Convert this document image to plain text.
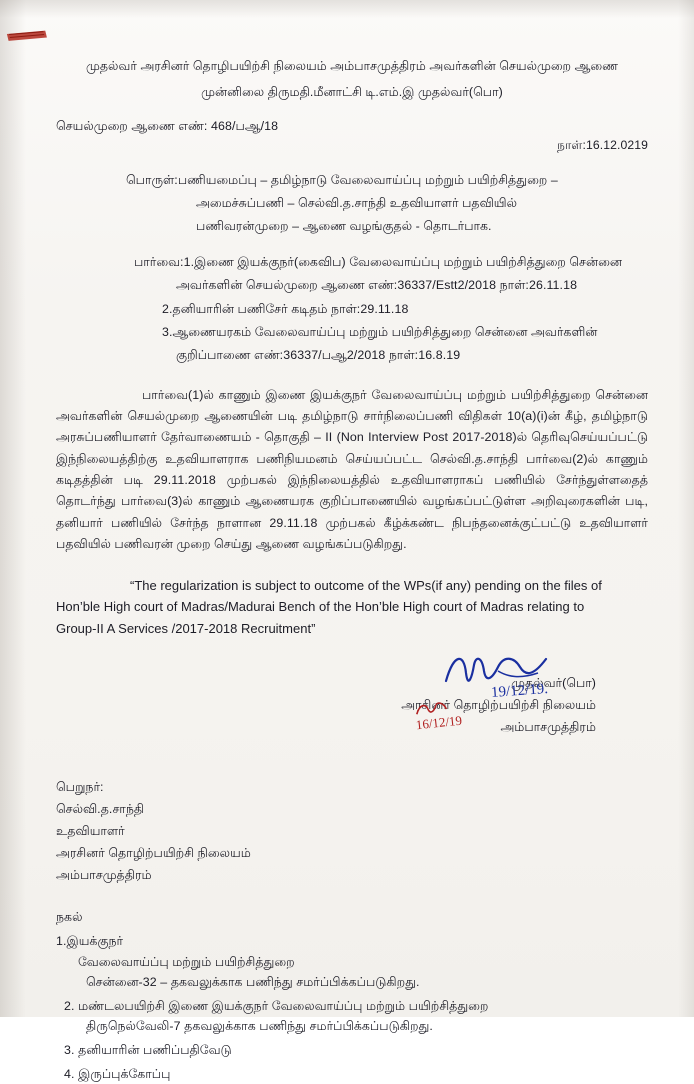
முதல்வர் அரசினர் தொழிபயிற்சி நிலையம் அம்பாசமுத்திரம் அவர்களின் செயல்முறை ஆணை
முன்னிலை திருமதி.மீனாட்சி டி.எம்.இ முதல்வர்(பொ)
செயல்முறை ஆணை எண்: 468/பஆ/18
நாள்:16.12.0219
பொருள்:பணியமைப்பு – தமிழ்நாடு வேலைவாய்ப்பு மற்றும் பயிற்சித்துறை –
அமைச்சுப்பணி – செல்வி.த.சாந்தி உதவியாளர் பதவியில்
பணிவரன்முறை – ஆணை வழங்குதல் - தொடர்பாக.
பார்வை:1.இணை இயக்குநர்(கைவிப) வேலைவாய்ப்பு மற்றும் பயிற்சித்துறை சென்னை
அவர்களின் செயல்முறை ஆணை எண்:36337/Estt2/2018 நாள்:26.11.18
2.தனியாரின் பணிசேர் கடிதம் நாள்:29.11.18
3.ஆணையரகம் வேலைவாய்ப்பு மற்றும் பயிற்சித்துறை சென்னை அவர்களின்
குறிப்பாணை எண்:36337/பஆ2/2018 நாள்:16.8.19
பார்வை(1)ல் காணும் இணை இயக்குநர் வேலைவாய்ப்பு மற்றும் பயிற்சித்துறை சென்னை அவர்களின் செயல்முறை ஆணையின் படி தமிழ்நாடு சார்நிலைப்பணி விதிகள் 10(a)(i)ன் கீழ், தமிழ்நாடு அரசுப்பணியாளர் தேர்வாணையம் - தொகுதி – II (Non Interview Post 2017-2018)ல் தெரிவுசெய்யப்பட்டு இந்நிலையத்திற்கு உதவியாளராக பணிநியமனம் செய்யப்பட்ட செல்வி.த.சாந்தி பார்வை(2)ல் காணும் கடிதத்தின் படி 29.11.2018 முற்பகல் இந்நிலையத்தில் உதவியாளராகப் பணியில் சேர்ந்துள்ளதைத் தொடர்ந்து பார்வை(3)ல் காணும் ஆணையரக குறிப்பாணையில் வழங்கப்பட்டுள்ள அறிவுரைகளின் படி, தனியார் பணியில் சேர்ந்த நாளான 29.11.18 முற்பகல் கீழ்க்கண்ட நிபந்தனைக்குட்பட்டு உதவியாளர் பதவியில் பணிவரன் முறை செய்து ஆணை வழங்கப்படுகிறது.
“The regularization is subject to outcome of the WPs(if any) pending on the files of
Hon’ble High court of Madras/Madurai Bench of the Hon’ble High court of Madras relating to
Group-II A Services /2017-2018 Recruitment”
19/12/19.
முதல்வர்(பொ)
அரசினர் தொழிற்பயிற்சி நிலையம்
அம்பாசமுத்திரம்
16/12/19
பெறுநர்:
செல்வி.த.சாந்தி
உதவியாளர்
அரசினர் தொழிற்பயிற்சி நிலையம்
அம்பாசமுத்திரம்
நகல்
1.இயக்குநர்
வேலைவாய்ப்பு மற்றும் பயிற்சித்துறை
சென்னை-32 – தகவலுக்காக பணிந்து சமர்ப்பிக்கப்படுகிறது.
2. மண்டலபயிற்சி இணை இயக்குநர் வேலைவாய்ப்பு மற்றும் பயிற்சித்துறை
திருநெல்வேலி-7 தகவலுக்காக பணிந்து சமர்ப்பிக்கப்படுகிறது.
3. தனியாரின் பணிப்பதிவேடு
4. இருப்புக்கோப்பு
